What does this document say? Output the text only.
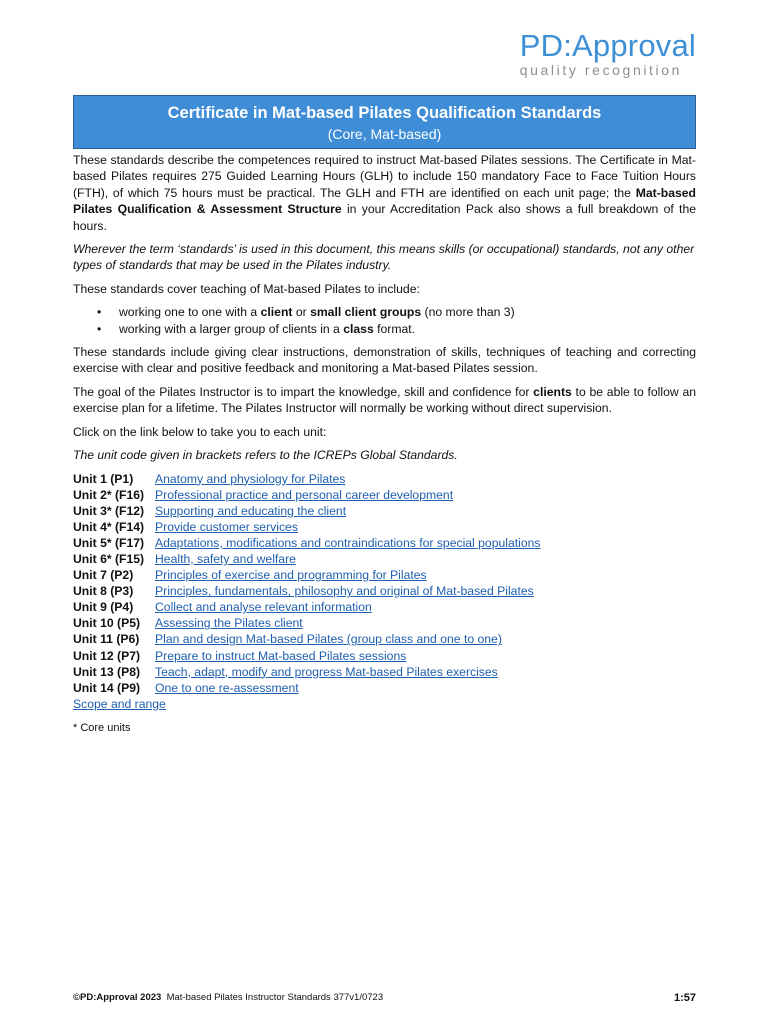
PD:Approval
quality recognition
Certificate in Mat-based Pilates Qualification Standards
(Core, Mat-based)

These standards describe the competences required to instruct Mat-based Pilates sessions. The Certificate in Mat-based Pilates requires 275 Guided Learning Hours (GLH) to include 150 mandatory Face to Face Tuition Hours (FTH), of which 75 hours must be practical. The GLH and FTH are identified on each unit page; the Mat-based Pilates Qualification & Assessment Structure in your Accreditation Pack also shows a full breakdown of the hours.

Wherever the term ‘standards’ is used in this document, this means skills (or occupational) standards, not any other types of standards that may be used in the Pilates industry.

These standards cover teaching of Mat-based Pilates to include:

• working one to one with a client or small client groups (no more than 3)
• working with a larger group of clients in a class format.

These standards include giving clear instructions, demonstration of skills, techniques of teaching and correcting exercise with clear and positive feedback and monitoring a Mat-based Pilates session.

The goal of the Pilates Instructor is to impart the knowledge, skill and confidence for clients to be able to follow an exercise plan for a lifetime. The Pilates Instructor will normally be working without direct supervision.

Click on the link below to take you to each unit:

The unit code given in brackets refers to the ICREPs Global Standards.

Unit 1 (P1)	Anatomy and physiology for Pilates
Unit 2* (F16) Professional practice and personal career development
Unit 3* (F12) Supporting and educating the client
Unit 4* (F14) Provide customer services
Unit 5* (F17) Adaptations, modifications and contraindications for special populations
Unit 6* (F15) Health, safety and welfare
Unit 7 (P2)	Principles of exercise and programming for Pilates
Unit 8 (P3)	Principles, fundamentals, philosophy and original of Mat-based Pilates
Unit 9 (P4)	Collect and analyse relevant information
Unit 10 (P5)	Assessing the Pilates client
Unit 11 (P6)	Plan and design Mat-based Pilates (group class and one to one)
Unit 12 (P7)	Prepare to instruct Mat-based Pilates sessions
Unit 13 (P8)	Teach, adapt, modify and progress Mat-based Pilates exercises
Unit 14 (P9)	One to one re-assessment
Scope and range
* Core units
©PD:Approval 2023 Mat-based Pilates Instructor Standards 377v1/0723	1:57
